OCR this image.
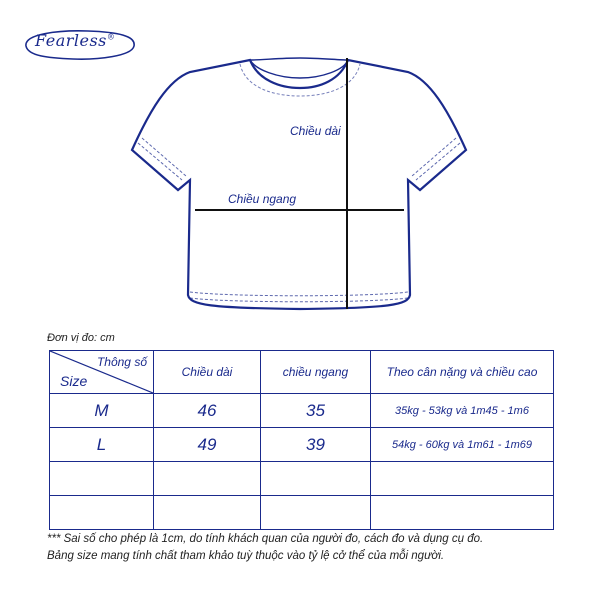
Fearless®
Chiều dài
Chiều ngang
Đơn vị đo: cm
Thông số
Size	Chiều dài	chiều ngang	Theo cân nặng và chiều cao
M	46	35	35kg - 53kg và 1m45 - 1m6
L	49	39	54kg - 60kg và 1m61 - 1m69

*** Sai số cho phép là 1cm, do tính khách quan của người đo, cách đo và dụng cụ đo.
Bảng size mang tính chất tham khảo tuỳ thuộc vào tỷ lệ cở thể của mỗi người.
